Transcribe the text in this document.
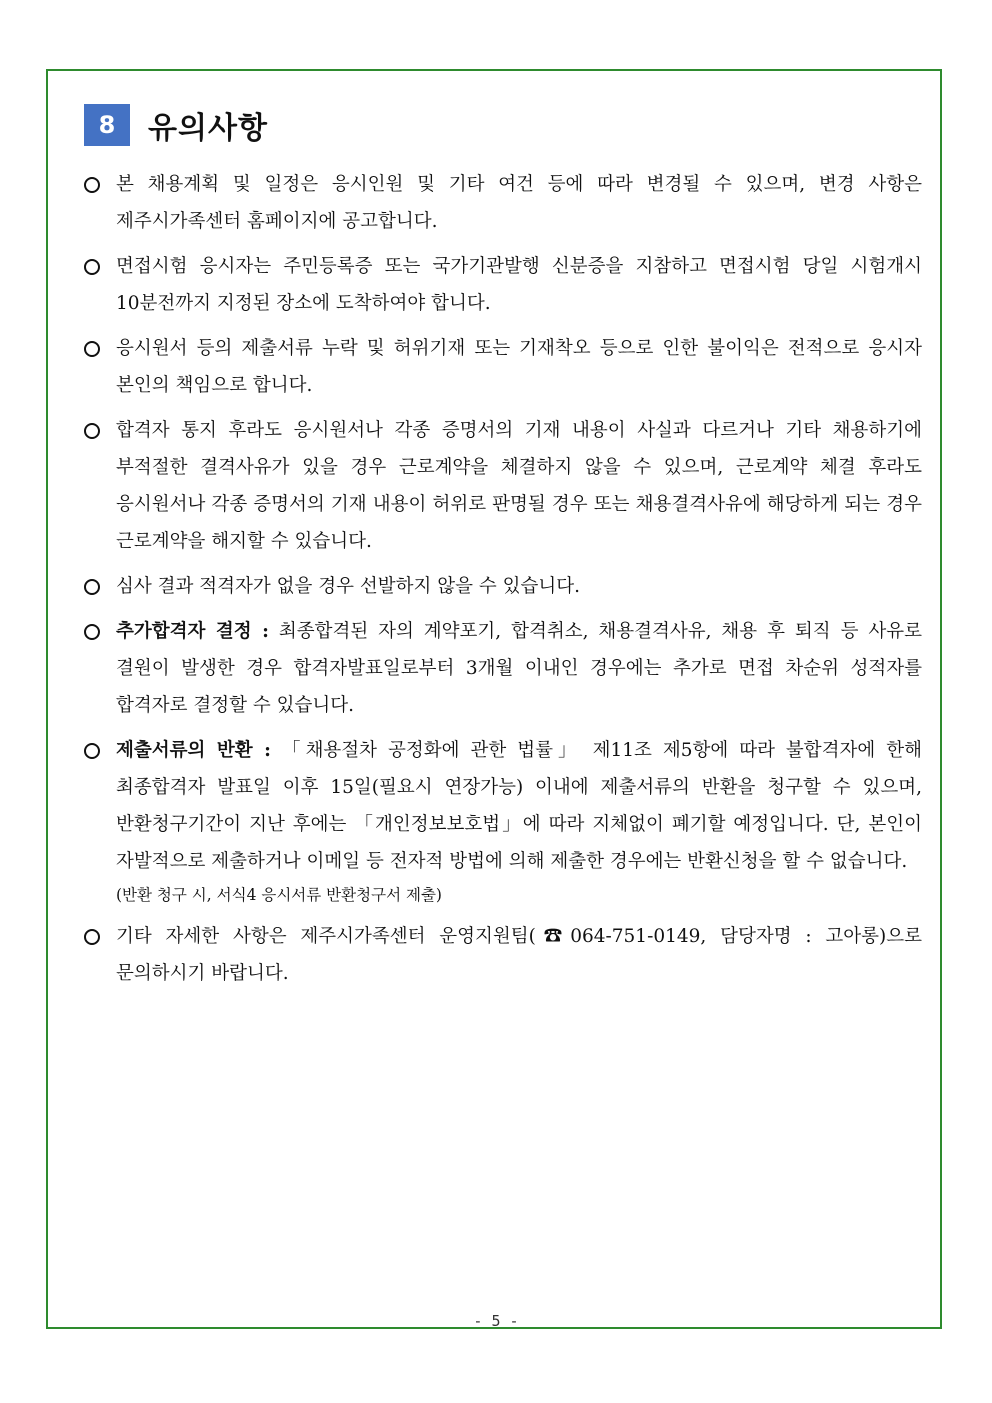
8	유의사항
본 채용계획 및 일정은 응시인원 및 기타 여건 등에 따라 변경될 수 있으며, 변경 사항은 제주시가족센터 홈페이지에 공고합니다.
면접시험 응시자는 주민등록증 또는 국가기관발행 신분증을 지참하고 면접시험 당일 시험개시 10분전까지 지정된 장소에 도착하여야 합니다.
응시원서 등의 제출서류 누락 및 허위기재 또는 기재착오 등으로 인한 불이익은 전적으로 응시자 본인의 책임으로 합니다.
합격자 통지 후라도 응시원서나 각종 증명서의 기재 내용이 사실과 다르거나 기타 채용하기에 부적절한 결격사유가 있을 경우 근로계약을 체결하지 않을 수 있으며, 근로계약 체결 후라도 응시원서나 각종 증명서의 기재 내용이 허위로 판명될 경우 또는 채용결격사유에 해당하게 되는 경우 근로계약을 해지할 수 있습니다.
심사 결과 적격자가 없을 경우 선발하지 않을 수 있습니다.
추가합격자 결정 : 최종합격된 자의 계약포기, 합격취소, 채용결격사유, 채용 후 퇴직 등 사유로 결원이 발생한 경우 합격자발표일로부터 3개월 이내인 경우에는 추가로 면접 차순위 성적자를 합격자로 결정할 수 있습니다.
제출서류의 반환 : 「채용절차 공정화에 관한 법률」 제11조 제5항에 따라 불합격자에 한해 최종합격자 발표일 이후 15일(필요시 연장가능) 이내에 제출서류의 반환을 청구할 수 있으며, 반환청구기간이 지난 후에는 「개인정보보호법」에 따라 지체없이 폐기할 예정입니다. 단, 본인이 자발적으로 제출하거나 이메일 등 전자적 방법에 의해 제출한 경우에는 반환신청을 할 수 없습니다.
(반환 청구 시, 서식4 응시서류 반환청구서 제출)
기타 자세한 사항은 제주시가족센터 운영지원팀(☎064-751-0149, 담당자명 : 고아롱)으로 문의하시기 바랍니다.
- 5 -
